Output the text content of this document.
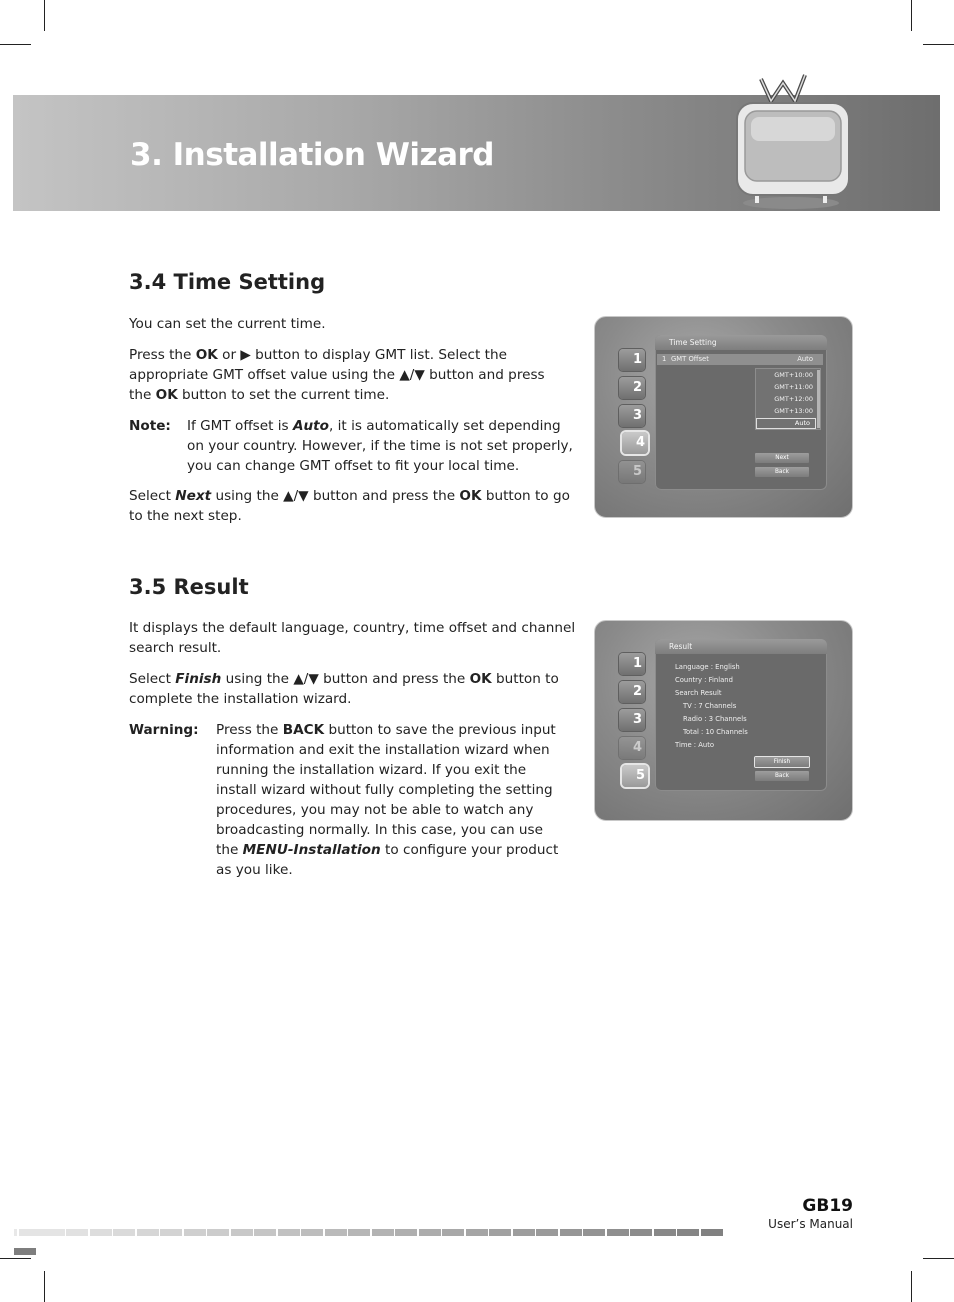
3. Installation Wizard
3.4 Time Setting

You can set the current time.

Press the OK or ▶ button to display GMT list. Select the appropriate GMT offset value using the ▲/▼ button and press the OK button to set the current time.

Note: If GMT offset is Auto, it is automatically set depending on your country. However, if the time is not set properly, you can change GMT offset to fit your local time.

Select Next using the ▲/▼ button and press the OK button to go to the next step.

1
2
3
4
5
Time Setting
1 GMT Offset	Auto
GMT+10:00
GMT+11:00
GMT+12:00
GMT+13:00
Auto
Next
Back
3.5 Result

It displays the default language, country, time offset and channel search result.

Select Finish using the ▲/▼ button and press the OK button to complete the installation wizard.

Warning: Press the BACK button to save the previous input information and exit the installation wizard when running the installation wizard. If you exit the install wizard without fully completing the setting procedures, you may not be able to watch any broadcasting normally. In this case, you can use the MENU-Installation to configure your product as you like.
1
2
3
4
5
Result
Language : English
Country : Finland
Search Result
TV : 7 Channels
Radio : 3 Channels
Total : 10 Channels
Time : Auto
Finish
Back
GB19
User’s Manual
